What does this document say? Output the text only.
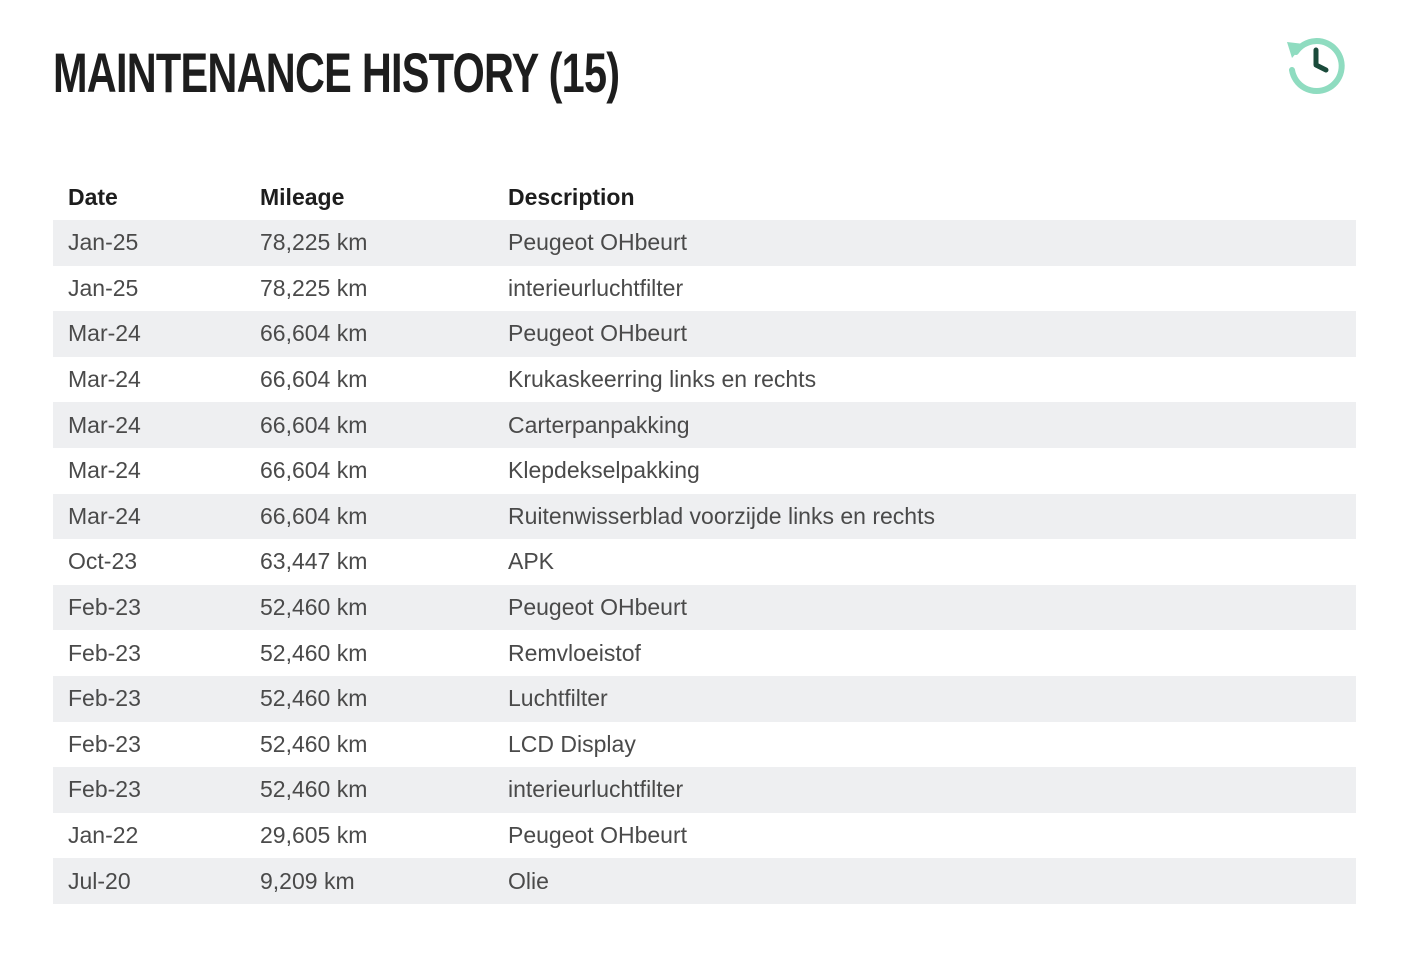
MAINTENANCE HISTORY (15)
Date	Mileage	Description
Jan-25	78,225 km	Peugeot OHbeurt
Jan-25	78,225 km	interieurluchtfilter
Mar-24	66,604 km	Peugeot OHbeurt
Mar-24	66,604 km	Krukaskeerring links en rechts
Mar-24	66,604 km	Carterpanpakking
Mar-24	66,604 km	Klepdekselpakking
Mar-24	66,604 km	Ruitenwisserblad voorzijde links en rechts
Oct-23	63,447 km	APK
Feb-23	52,460 km	Peugeot OHbeurt
Feb-23	52,460 km	Remvloeistof
Feb-23	52,460 km	Luchtfilter
Feb-23	52,460 km	LCD Display
Feb-23	52,460 km	interieurluchtfilter
Jan-22	29,605 km	Peugeot OHbeurt
Jul-20	9,209 km	Olie
